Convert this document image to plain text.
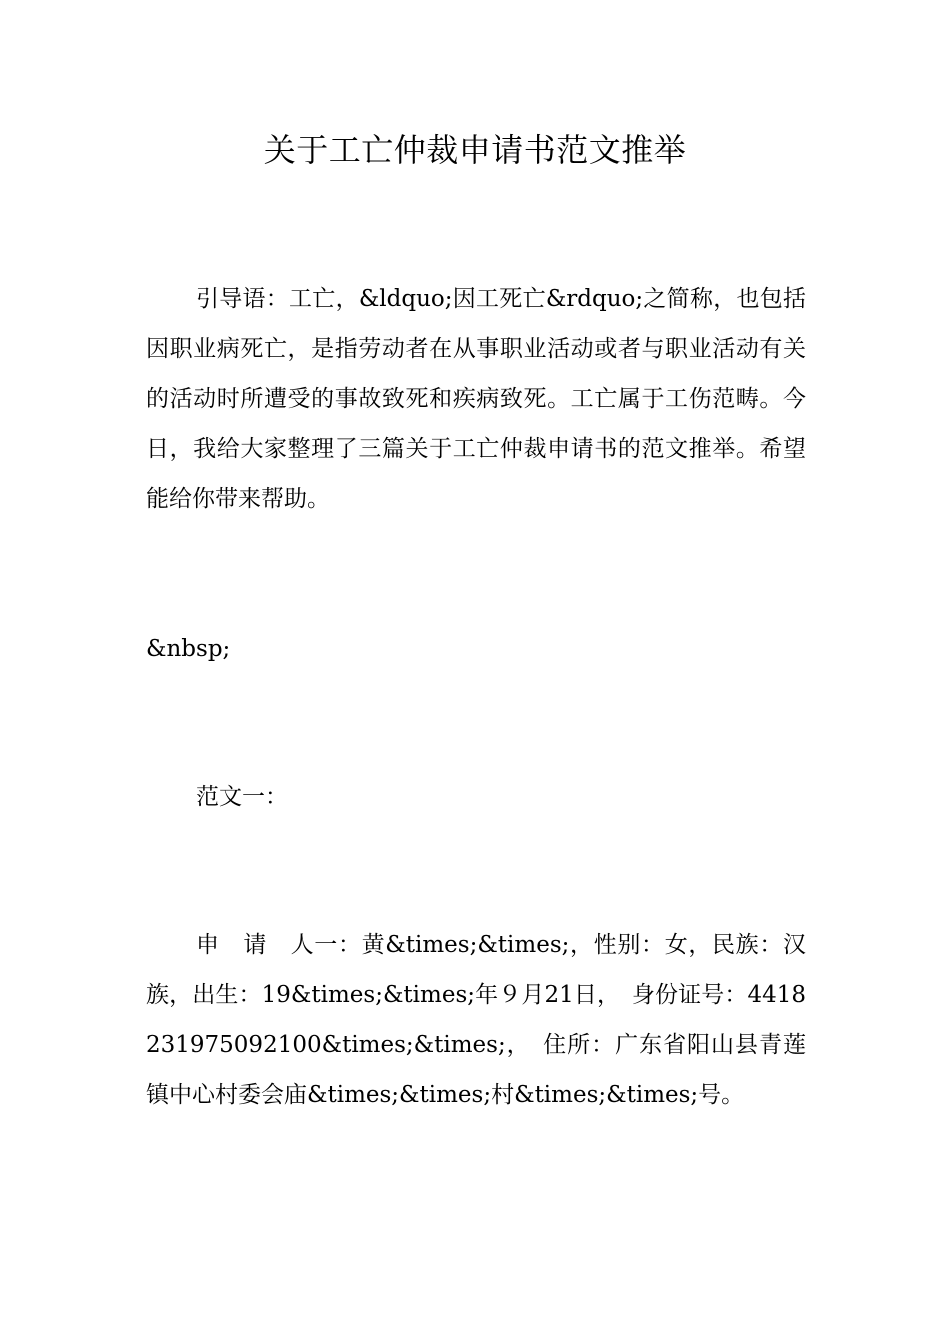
关于工亡仲裁申请书范文推举

引导语：工亡，&ldquo;因工死亡&rdquo;之简称，也包括因职业病死亡，是指劳动者在从事职业活动或者与职业活动有关的活动时所遭受的事故致死和疾病致死。工亡属于工伤范畴。今日，我给大家整理了三篇关于工亡仲裁申请书的范文推举。希望能给你带来帮助。

&nbsp;

范文一：

申　请　人一：黄&times;&times;，性别：女，民族：汉族，出生：19&times;&times;年９月21日，　身份证号：4418231975092100&times;&times;，　住所：广东省阳山县青莲镇中心村委会庙&times;&times;村&times;&times;号。
